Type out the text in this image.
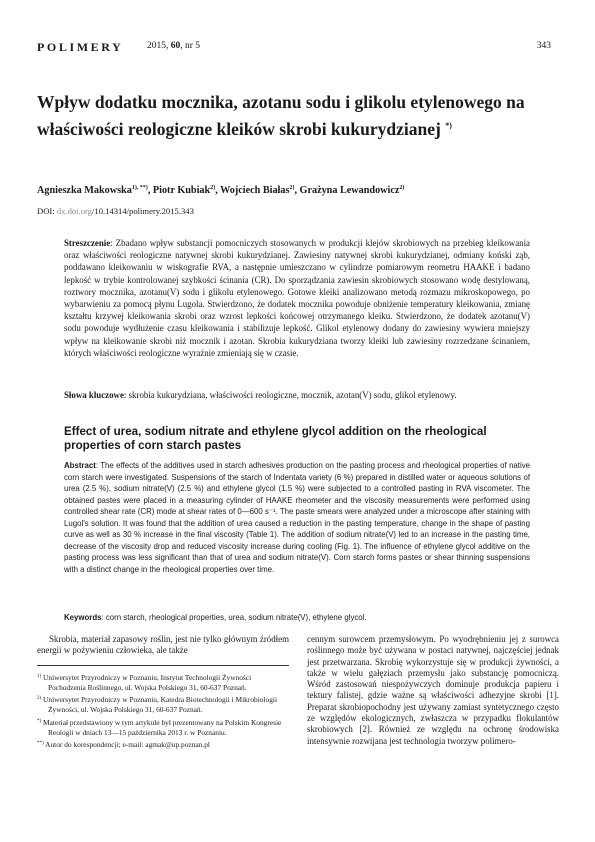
POLIMERY 2015, 60, nr 5	343
Wpływ dodatku mocznika, azotanu sodu i glikolu etylenowego na właściwości reologiczne kleików skrobi kukurydzianej *)
Agnieszka Makowska$^{1), **)}$, Piotr Kubiak$^{2)}$, Wojciech Białas$^{2)}$, Grażyna Lewandowicz$^{2)}$
DOI: dx.doi.org/10.14314/polimery.2015.343

Streszczenie: Zbadano wpływ substancji pomocniczych stosowanych w produkcji klejów skrobiowych na przebieg kleikowania oraz właściwości reologiczne natywnej skrobi kukurydzianej. Zawiesiny natywnej skrobi kukurydzianej, odmiany koński ząb, poddawano kleikowaniu w wiskografie RVA, a następnie umieszczano w cylindrze pomiarowym reometru HAAKE i badano lepkość w trybie kontrolowanej szybkości ścinania (CR). Do sporządzania zawiesin skrobiowych stosowano wodę destylowaną, roztwory mocznika, azotanu(V) sodu i glikolu etylenowego. Gotowe kleiki analizowano metodą rozmazu mikroskopowego, po wybarwieniu za pomocą płynu Lugola. Stwierdzono, że dodatek mocznika powoduje obniżenie temperatury kleikowania, zmianę kształtu krzywej kleikowania skrobi oraz wzrost lepkości końcowej otrzymanego kleiku. Stwierdzono, że dodatek azotanu(V) sodu powoduje wydłużenie czasu kleikowania i stabilizuje lepkość. Glikol etylenowy dodany do zawiesiny wywiera mniejszy wpływ na kleikowanie skrobi niż mocznik i azotan. Skrobia kukurydziana tworzy kleiki lub zawiesiny rozrzedzane ścinaniem, których właściwości reologiczne wyraźnie zmieniają się w czasie.

Słowa kluczowe: skrobia kukurydziana, właściwości reologiczne, mocznik, azotan(V) sodu, glikol etylenowy.

Effect of urea, sodium nitrate and ethylene glycol addition on the rheological properties of corn starch pastes

Abstract: The effects of the additives used in starch adhesives production on the pasting process and rheological properties of native corn starch were investigated. Suspensions of the starch of Indentata variety (6 %) prepared in distilled water or aqueous solutions of urea (2.5 %), sodium nitrate(V) (2.5 %) and ethylene glycol (1.5 %) were subjected to a controlled pasting in RVA viscometer. The obtained pastes were placed in a measuring cylinder of HAAKE rheometer and the viscosity measurements were performed using controlled shear rate (CR) mode at shear rates of 0—600 s⁻¹. The paste smears were analyzed under a microscope after staining with Lugol's solution. It was found that the addition of urea caused a reduction in the pasting temperature, change in the shape of pasting curve as well as 30 % increase in the final viscosity (Table 1). The addition of sodium nitrate(V) led to an increase in the pasting time, decrease of the viscosity drop and reduced viscosity increase during cooling (Fig. 1). The influence of ethylene glycol additive on the pasting process was less significant than that of urea and sodium nitrate(V). Corn starch forms pastes or shear thinning suspensions with a distinct change in the rheological properties over time.

Keywords: corn starch, rheological properties, urea, sodium nitrate(V), ethylene glycol.

Skrobia, materiał zapasowy roślin, jest nie tylko głównym źródłem energii w pożywieniu człowieka, ale także

$^{1)}$ Uniwersytet Przyrodniczy w Poznaniu, Instytut Technologii Żywności Pochodzenia Roślinnego, ul. Wojska Polskiego 31, 60-637 Poznań.

$^{2)}$ Uniwersytet Przyrodniczy w Poznaniu, Katedra Biotechnologii i Mikrobiologii Żywności, ul. Wojska Polskiego 31, 60-637 Poznań.

*) Materiał przedstawiony w tym artykule był prezentowany na Polskim Kongresie Reologii w dniach 13—15 października 2013 r. w Poznaniu.

**) Autor do korespondencji; e-mail: agmak@up.poznan.pl

cennym surowcem przemysłowym. Po wyodrębnieniu jej z surowca roślinnego może być używana w postaci natywnej, najczęściej jednak jest przetwarzana. Skrobię wykorzystuje się w produkcji żywności, a także w wielu gałęziach przemysłu jako substancję pomocniczą. Wśród zastosowań niespożywczych dominuje produkcja papieru i tektury falistej, gdzie ważne są właściwości adhezyjne skrobi [1]. Preparat skrobiopochodny jest używany zamiast syntetycznego często ze względów ekologicznych, zwłaszcza w przypadku flokulantów skrobiowych [2]. Również ze względu na ochronę środowiska intensywnie rozwijana jest technologia tworzyw polimero-
